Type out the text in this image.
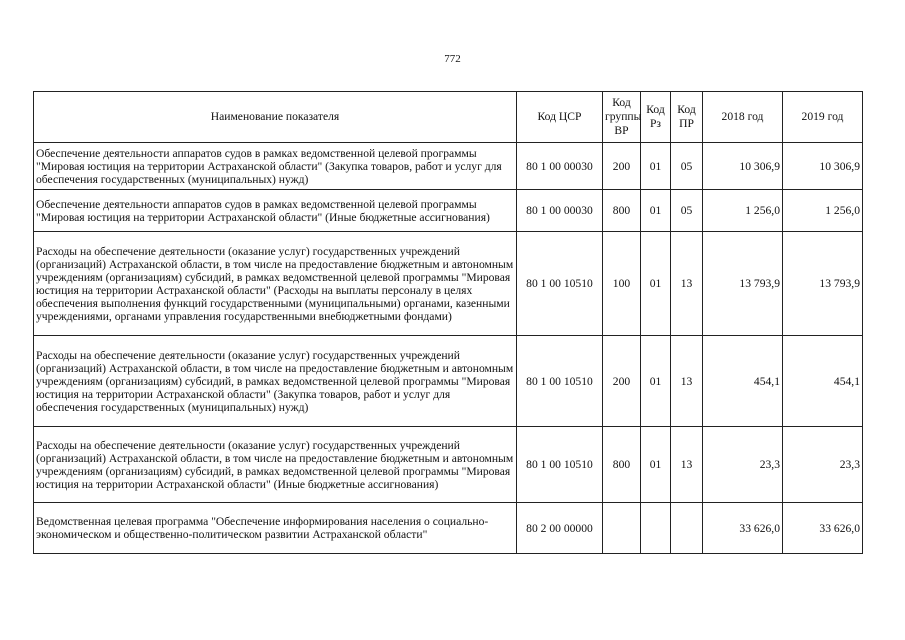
772
Наименование показателя	Код ЦСР	Код группы ВР	Код Рз	Код ПР	2018 год	2019 год
Обеспечение деятельности аппаратов судов в рамках ведомственной целевой программы "Мировая юстиция на территории Астраханской области" (Закупка товаров, работ и услуг для обеспечения государственных (муниципальных) нужд)	80 1 00 00030	200	01	05	10 306,9	10 306,9
Обеспечение деятельности аппаратов судов в рамках ведомственной целевой программы "Мировая юстиция на территории Астраханской области" (Иные бюджетные ассигнования)	80 1 00 00030	800	01	05	1 256,0	1 256,0
Расходы на обеспечение деятельности (оказание услуг) государственных учреждений (организаций) Астраханской области, в том числе на предоставление бюджетным и автономным учреждениям (организациям) субсидий, в рамках ведомственной целевой программы "Мировая юстиция на территории Астраханской области" (Расходы на выплаты персоналу в целях обеспечения выполнения функций государственными (муниципальными) органами, казенными учреждениями, органами управления государственными внебюджетными фондами)	80 1 00 10510	100	01	13	13 793,9	13 793,9
Расходы на обеспечение деятельности (оказание услуг) государственных учреждений (организаций) Астраханской области, в том числе на предоставление бюджетным и автономным учреждениям (организациям) субсидий, в рамках ведомственной целевой программы "Мировая юстиция на территории Астраханской области" (Закупка товаров, работ и услуг для обеспечения государственных (муниципальных) нужд)	80 1 00 10510	200	01	13	454,1	454,1
Расходы на обеспечение деятельности (оказание услуг) государственных учреждений (организаций) Астраханской области, в том числе на предоставление бюджетным и автономным учреждениям (организациям) субсидий, в рамках ведомственной целевой программы "Мировая юстиция на территории Астраханской области" (Иные бюджетные ассигнования)	80 1 00 10510	800	01	13	23,3	23,3
Ведомственная целевая программа "Обеспечение информирования населения о социально-экономическом и общественно-политическом развитии Астраханской области"	80 2 00 00000				33 626,0	33 626,0
